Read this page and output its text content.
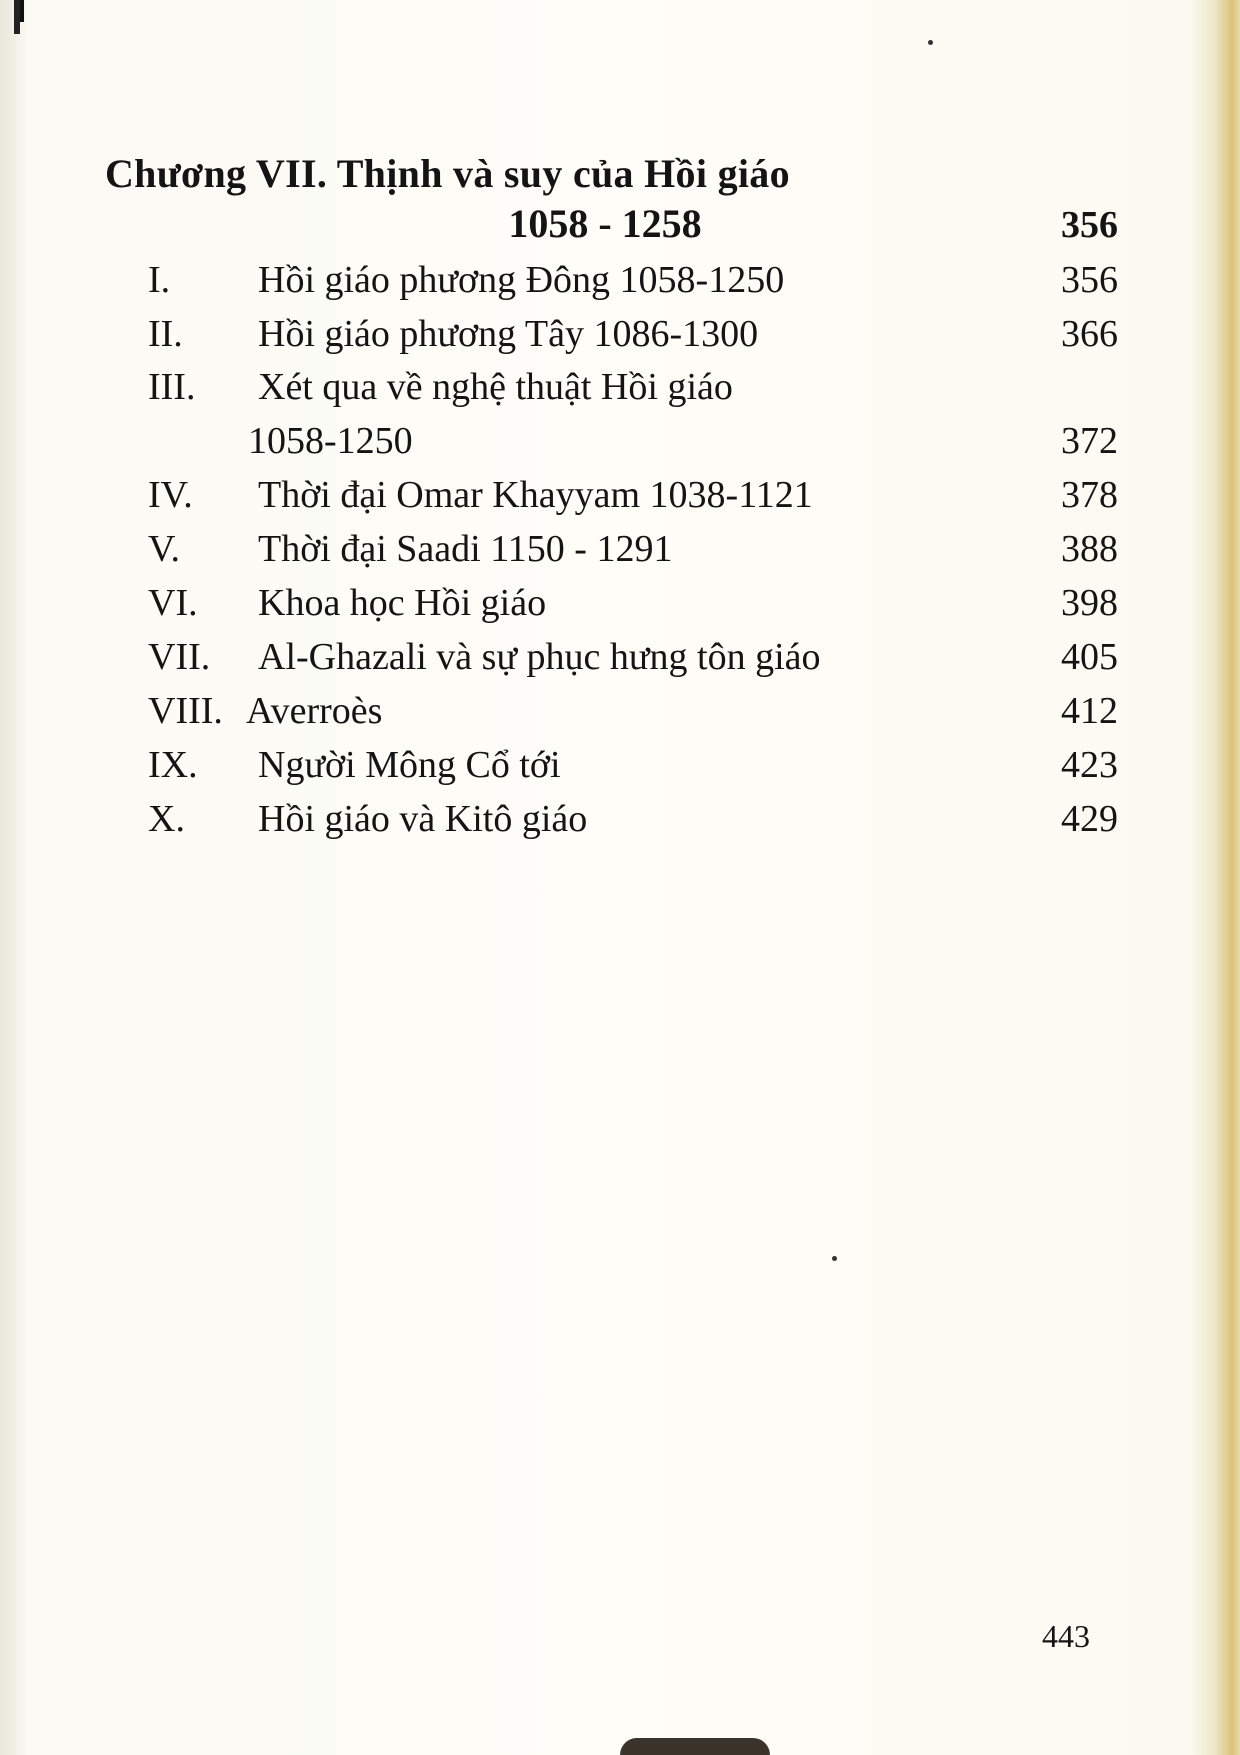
Chương VII. Thịnh và suy của Hồi giáo
1058 - 1258	356
I. Hồi giáo phương Đông 1058-1250	356
II. Hồi giáo phương Tây 1086-1300	366
III. Xét qua về nghệ thuật Hồi giáo
1058-1250	372
IV. Thời đại Omar Khayyam 1038-1121	378
V. Thời đại Saadi 1150 - 1291	388
VI. Khoa học Hồi giáo	398
VII. Al-Ghazali và sự phục hưng tôn giáo	405
VIII. Averroès	412
IX. Người Mông Cổ tới	423
X. Hồi giáo và Kitô giáo	429
443
